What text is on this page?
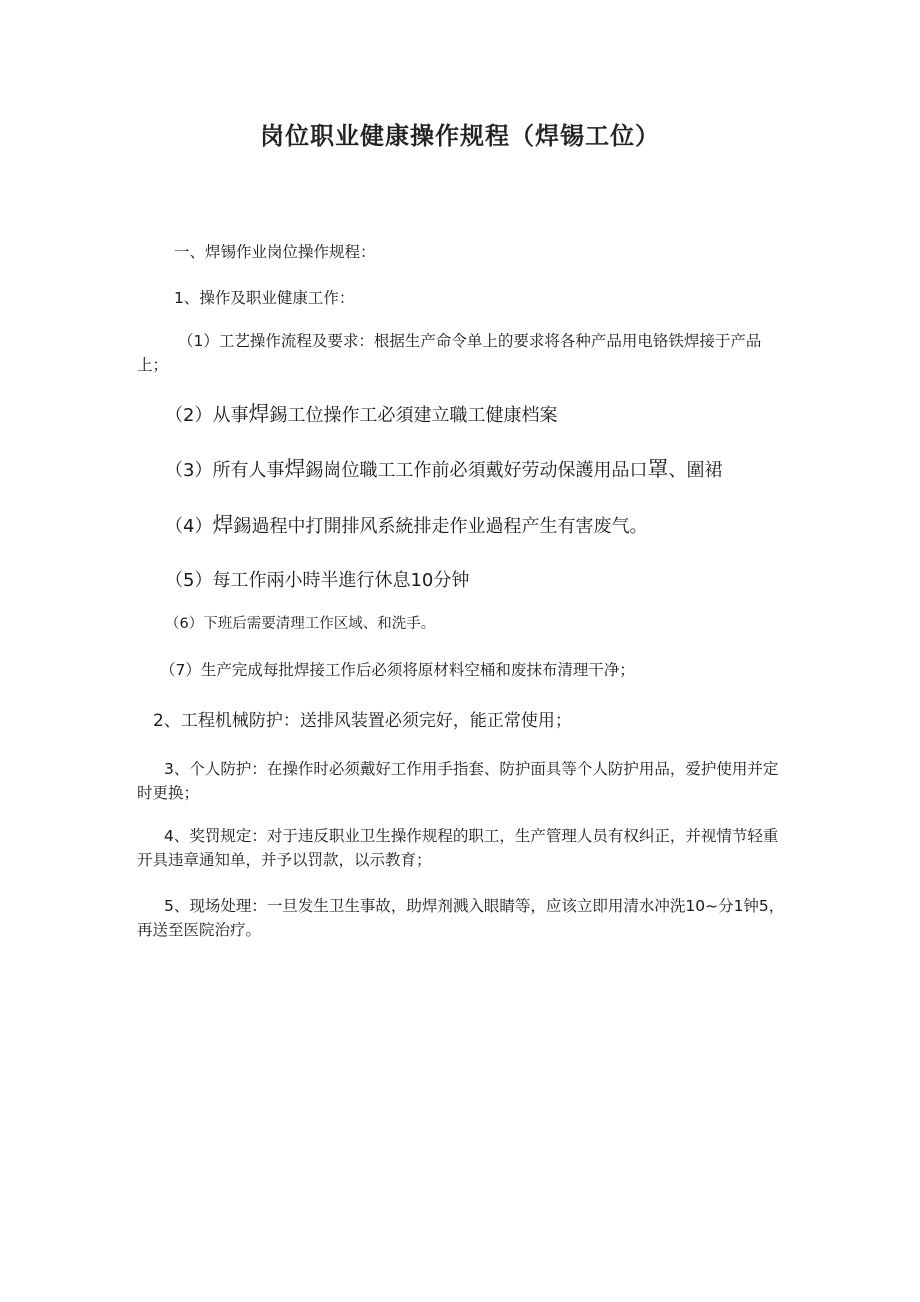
岗位职业健康操作规程（焊锡工位）

一、焊锡作业岗位操作规程：

1、操作及职业健康工作：

（1）工艺操作流程及要求：根据生产命令单上的要求将各种产品用电铬铁焊接于产品上；

（2）从事焊錫工位操作工必須建立職工健康档案

（3）所有人事焊錫崗位職工工作前必須戴好劳动保護用品口罩、圍裙

（4）焊錫過程中打開排风系統排走作业過程产生有害废气。

（5）每工作兩小時半進行休息10分钟

（6）下班后需要清理工作区域、和洗手。

（7）生产完成每批焊接工作后必须将原材料空桶和废抹布清理干净；

2、工程机械防护：送排风装置必须完好，能正常使用；

3、个人防护：在操作时必须戴好工作用手指套、防护面具等个人防护用品，爱护使用并定时更换；

4、奖罚规定：对于违反职业卫生操作规程的职工，生产管理人员有权纠正，并视情节轻重开具违章通知单，并予以罚款，以示教育；

5、现场处理：一旦发生卫生事故，助焊剂溅入眼睛等，应该立即用清水冲洗10~分1钟5，再送至医院治疗。
